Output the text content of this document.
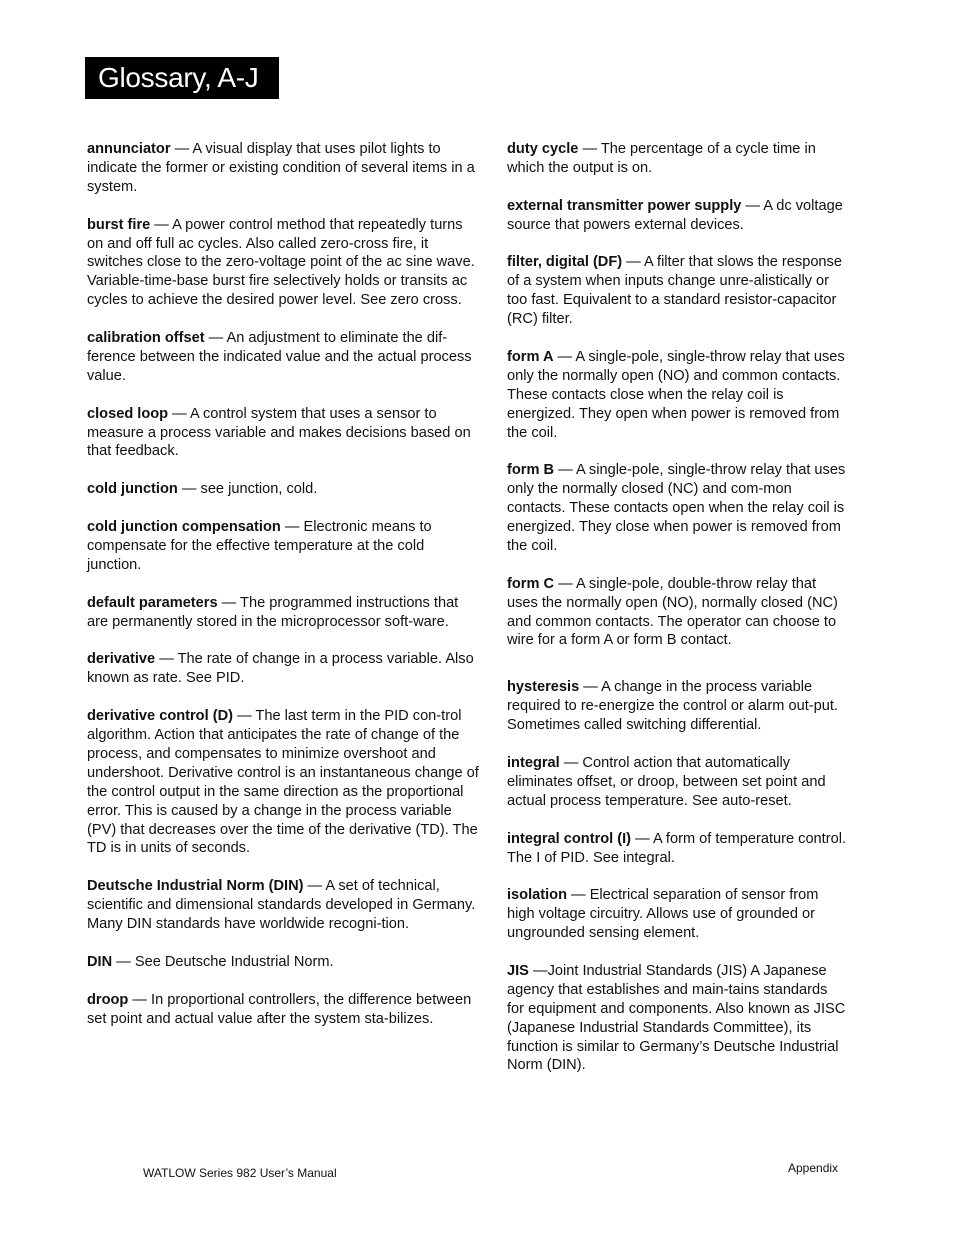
Glossary, A-J

annunciator — A visual display that uses pilot lights to indicate the former or existing condition of several items in a system.

burst fire — A power control method that repeatedly turns on and off full ac cycles. Also called zero-cross fire, it switches close to the zero-voltage point of the ac sine wave. Variable-time-base burst fire selectively holds or transits ac cycles to achieve the desired power level. See zero cross.

calibration offset — An adjustment to eliminate the dif-ference between the indicated value and the actual process value.

closed loop — A control system that uses a sensor to measure a process variable and makes decisions based on that feedback.

cold junction — see junction, cold.

cold junction compensation — Electronic means to compensate for the effective temperature at the cold junction.

default parameters — The programmed instructions that are permanently stored in the microprocessor soft-ware.

derivative — The rate of change in a process variable. Also known as rate. See PID.

derivative control (D) — The last term in the PID con-trol algorithm. Action that anticipates the rate of change of the process, and compensates to minimize overshoot and undershoot. Derivative control is an instantaneous change of the control output in the same direction as the proportional error. This is caused by a change in the process variable (PV) that decreases over the time of the derivative (TD). The TD is in units of seconds.

Deutsche Industrial Norm (DIN) — A set of technical, scientific and dimensional standards developed in Germany. Many DIN standards have worldwide recogni-tion.

DIN — See Deutsche Industrial Norm.

droop — In proportional controllers, the difference between set point and actual value after the system sta-bilizes.

duty cycle — The percentage of a cycle time in which the output is on.

external transmitter power supply — A dc voltage source that powers external devices.

filter, digital (DF) — A filter that slows the response of a system when inputs change unre-alistically or too fast. Equivalent to a standard resistor-capacitor (RC) filter.

form A — A single-pole, single-throw relay that uses only the normally open (NO) and common contacts. These contacts close when the relay coil is energized. They open when power is removed from the coil.

form B — A single-pole, single-throw relay that uses only the normally closed (NC) and com-mon contacts. These contacts open when the relay coil is energized. They close when power is removed from the coil.

form C — A single-pole, double-throw relay that uses the normally open (NO), normally closed (NC) and common contacts. The operator can choose to wire for a form A or form B contact.

hysteresis — A change in the process variable required to re-energize the control or alarm out-put. Sometimes called switching differential.

integral — Control action that automatically eliminates offset, or droop, between set point and actual process temperature. See auto-reset.

integral control (I) — A form of temperature control. The I of PID. See integral.

isolation — Electrical separation of sensor from high voltage circuitry. Allows use of grounded or ungrounded sensing element.

JIS —Joint Industrial Standards (JIS) A Japanese agency that establishes and main-tains standards for equipment and components. Also known as JISC (Japanese Industrial Standards Committee), its function is similar to Germany’s Deutsche Industrial Norm (DIN).

WATLOW Series 982 User’s Manual	Appendix
